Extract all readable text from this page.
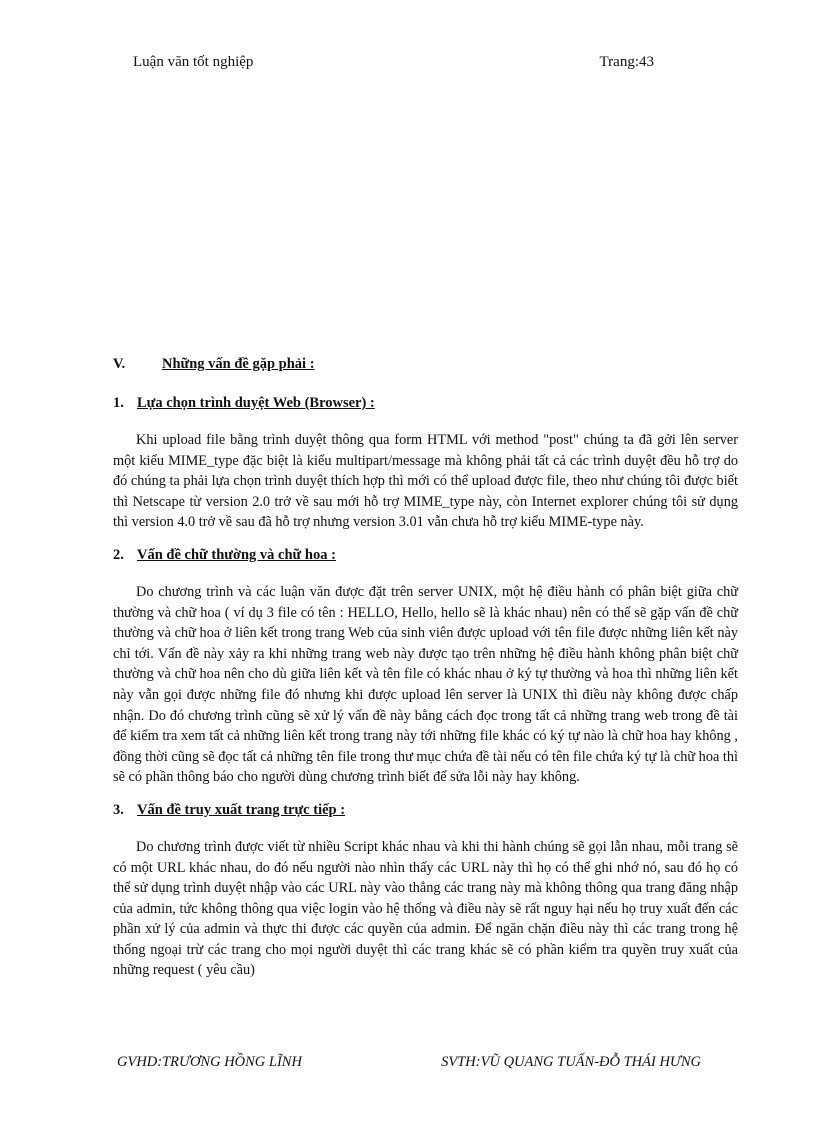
Luận văn tốt nghiệp	Trang:43
V.	Những vấn đề gặp phải :
1. Lựa chọn trình duyệt Web (Browser) :

Khi upload file bằng trình duyệt thông qua form HTML với method "post" chúng ta đã gởi lên server một kiểu MIME_type đặc biệt là kiểu multipart/message mà không phải tất cả các trình duyệt đều hỗ trợ do đó chúng ta phải lựa chọn trình duyệt thích hợp thì mới có thể upload được file, theo như chúng tôi được biết thì Netscape từ version 2.0 trở về sau mới hỗ trợ MIME_type này, còn Internet explorer chúng tôi sử dụng thì version 4.0 trở về sau đã hỗ trợ nhưng version 3.01 vẫn chưa hỗ trợ kiểu MIME-type này.

2. Vấn đề chữ thường và chữ hoa :

Do chương trình và các luận văn được đặt trên server UNIX, một hệ điều hành có phân biệt giữa chữ thường và chữ hoa ( ví dụ 3 file có tên : HELLO, Hello, hello sẽ là khác nhau) nên có thể sẽ gặp vấn đề chữ thường và chữ hoa ở liên kết trong trang Web của sinh viên được upload với tên file được những liên kết này chỉ tới. Vấn đề này xảy ra khi những trang web này được tạo trên những hệ điều hành không phân biệt chữ thường và chữ hoa nên cho dù giữa liên kết và tên file có khác nhau ở ký tự thường và hoa thì những liên kết này vẫn gọi được những file đó nhưng khi được upload lên server là UNIX thì điều này không được chấp nhận. Do đó chương trình cũng sẽ xử lý vấn đề này bằng cách đọc trong tất cả những trang web trong đề tài để kiểm tra xem tất cả những liên kết trong trang này tới những file khác có ký tự nào là chữ hoa hay không , đồng thời cũng sẽ đọc tất cả những tên file trong thư mục chứa đề tài nếu có tên file chứa ký tự là chữ hoa thì sẽ có phần thông báo cho người dùng chương trình biết để sửa lỗi này hay không.

3. Vấn đề truy xuất trang trực tiếp :

Do chương trình được viết từ nhiều Script khác nhau và khi thi hành chúng sẽ gọi lẫn nhau, mỗi trang sẽ có một URL khác nhau, do đó nếu người nào nhìn thấy các URL này thì họ có thể ghi nhớ nó, sau đó họ có thể sử dụng trình duyệt nhập vào các URL này vào thẳng các trang này mà không thông qua trang đăng nhập của admin, tức không thông qua việc login vào hệ thống và điều này sẽ rất nguy hại nếu họ truy xuất đến các phần xử lý của admin và thực thi được các quyền của admin. Để ngăn chặn điều này thì các trang trong hệ thống ngoại trừ các trang cho mọi người duyệt thì các trang khác sẽ có phần kiểm tra quyền truy xuất của những request ( yêu cầu)

GVHD:TRƯƠNG HỒNG LĨNH	SVTH:VŨ QUANG TUẤN-ĐỖ THÁI HƯNG
